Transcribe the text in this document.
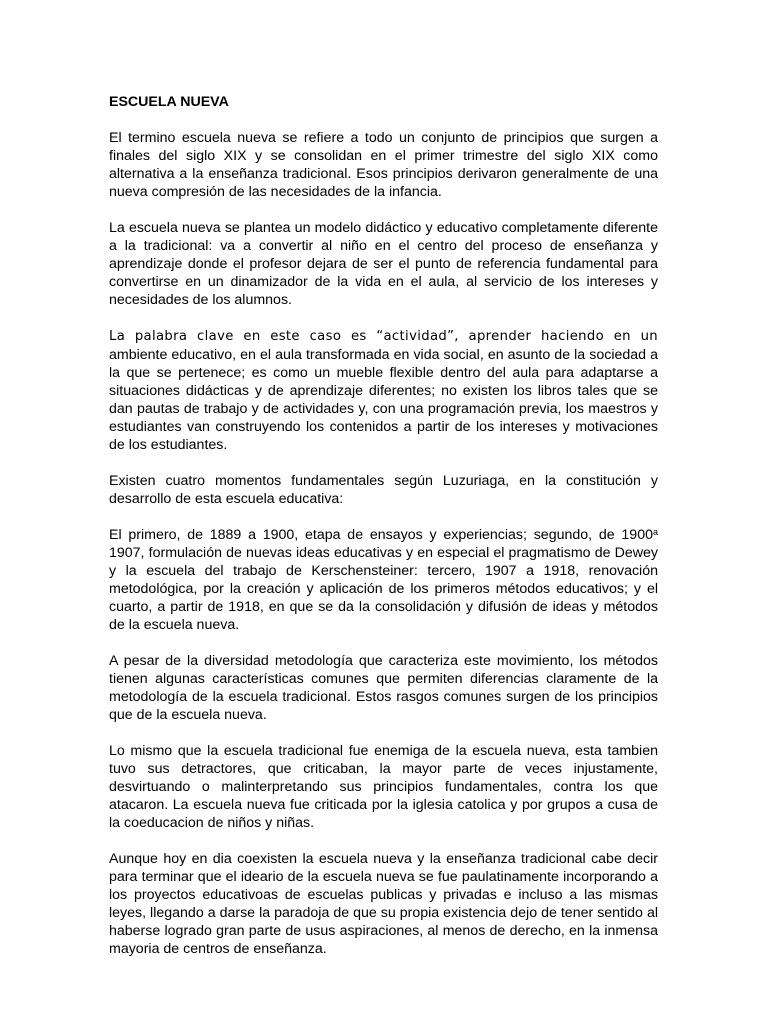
ESCUELA NUEVA

El termino escuela nueva se refiere a todo un conjunto de principios que surgen a finales del siglo XIX y se consolidan en el primer trimestre del siglo XIX como alternativa a la enseñanza tradicional. Esos principios derivaron generalmente de una nueva compresión de las necesidades de la infancia.

La escuela nueva se plantea un modelo didáctico y educativo completamente diferente a la tradicional: va a convertir al niño en el centro del proceso de enseñanza y aprendizaje donde el profesor dejara de ser el punto de referencia fundamental para convertirse en un dinamizador de la vida en el aula, al servicio de los intereses y necesidades de los alumnos.

La palabra clave en este caso es “actividad”, aprender haciendo en un ambiente educativo, en el aula transformada en vida social, en asunto de la sociedad a la que se pertenece; es como un mueble flexible dentro del aula para adaptarse a situaciones didácticas y de aprendizaje diferentes; no existen los libros tales que se dan pautas de trabajo y de actividades y, con una programación previa, los maestros y estudiantes van construyendo los contenidos a partir de los intereses y motivaciones de los estudiantes.

Existen cuatro momentos fundamentales según Luzuriaga, en la constitución y desarrollo de esta escuela educativa:

El primero, de 1889 a 1900, etapa de ensayos y experiencias; segundo, de 1900$^a$ 1907, formulación de nuevas ideas educativas y en especial el pragmatismo de Dewey y la escuela del trabajo de Kerschensteiner: tercero, 1907 a 1918, renovación metodológica, por la creación y aplicación de los primeros métodos educativos; y el cuarto, a partir de 1918, en que se da la consolidación y difusión de ideas y métodos de la escuela nueva.

A pesar de la diversidad metodología que caracteriza este movimiento, los métodos tienen algunas características comunes que permiten diferencias claramente de la metodología de la escuela tradicional. Estos rasgos comunes surgen de los principios que de la escuela nueva.

Lo mismo que la escuela tradicional fue enemiga de la escuela nueva, esta tambien tuvo sus detractores, que criticaban, la mayor parte de veces injustamente, desvirtuando o malinterpretando sus principios fundamentales, contra los que atacaron. La escuela nueva fue criticada por la iglesia catolica y por grupos a cusa de la coeducacion de niños y niñas.

Aunque hoy en dia coexisten la escuela nueva y la enseñanza tradicional cabe decir para terminar que el ideario de la escuela nueva se fue paulatinamente incorporando a los proyectos educativoas de escuelas publicas y privadas e incluso a las mismas leyes, llegando a darse la paradoja de que su propia existencia dejo de tener sentido al haberse logrado gran parte de usus aspiraciones, al menos de derecho, en la inmensa mayoria de centros de enseñanza.
